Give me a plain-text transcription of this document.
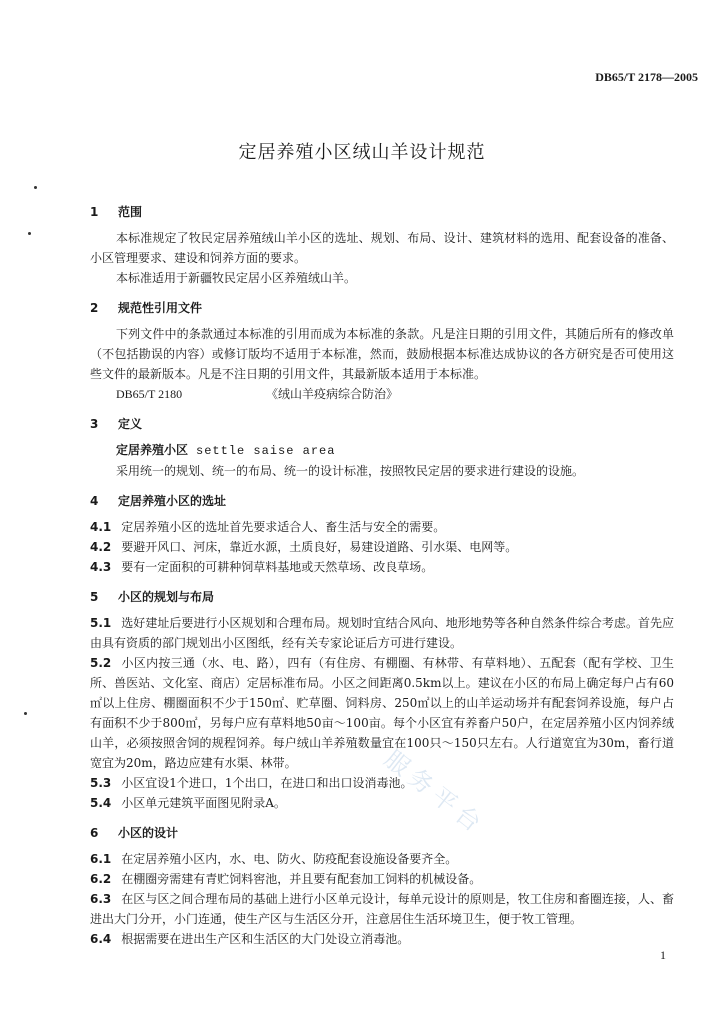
DB65/T 2178—2005
定居养殖小区绒山羊设计规范
服务平台
1 范围

本标准规定了牧民定居养殖绒山羊小区的选址、规划、布局、设计、建筑材料的选用、配套设备的准备、小区管理要求、建设和饲养方面的要求。

本标准适用于新疆牧民定居小区养殖绒山羊。

2 规范性引用文件

下列文件中的条款通过本标准的引用而成为本标准的条款。凡是注日期的引用文件，其随后所有的修改单（不包括勘误的内容）或修订版均不适用于本标准，然而，鼓励根据本标准达成协议的各方研究是否可使用这些文件的最新版本。凡是不注日期的引用文件，其最新版本适用于本标准。

DB65/T 2180	《绒山羊疫病综合防治》

3 定义

定居养殖小区 settle saise area

采用统一的规划、统一的布局、统一的设计标准，按照牧民定居的要求进行建设的设施。

4 定居养殖小区的选址

4.1 定居养殖小区的选址首先要求适合人、畜生活与安全的需要。

4.2 要避开风口、河床，靠近水源，土质良好，易建设道路、引水渠、电网等。

4.3 要有一定面积的可耕种饲草料基地或天然草场、改良草场。

5 小区的规划与布局

5.1 选好建址后要进行小区规划和合理布局。规划时宜结合风向、地形地势等各种自然条件综合考虑。首先应由具有资质的部门规划出小区图纸，经有关专家论证后方可进行建设。

5.2 小区内按三通（水、电、路），四有（有住房、有棚圈、有林带、有草料地）、五配套（配有学校、卫生所、兽医站、文化室、商店）定居标准布局。小区之间距离0.5km以上。建议在小区的布局上确定每户占有60㎡以上住房、棚圈面积不少于150㎡、贮草圈、饲料房、250㎡以上的山羊运动场并有配套饲养设施，每户占有面积不少于800㎡，另每户应有草料地50亩～100亩。每个小区宜有养畜户50户，在定居养殖小区内饲养绒山羊，必须按照舍饲的规程饲养。每户绒山羊养殖数量宜在100只～150只左右。人行道宽宜为30m，畜行道宽宜为20m，路边应建有水渠、林带。

5.3 小区宜设1个进口，1个出口，在进口和出口设消毒池。

5.4 小区单元建筑平面图见附录A。

6 小区的设计

6.1 在定居养殖小区内，水、电、防火、防疫配套设施设备要齐全。

6.2 在棚圈旁需建有青贮饲料窖池，并且要有配套加工饲料的机械设备。

6.3 在区与区之间合理布局的基础上进行小区单元设计，每单元设计的原则是，牧工住房和畜圈连接，人、畜进出大门分开，小门连通，使生产区与生活区分开，注意居住生活环境卫生，便于牧工管理。

6.4 根据需要在进出生产区和生活区的大门处设立消毒池。

1
